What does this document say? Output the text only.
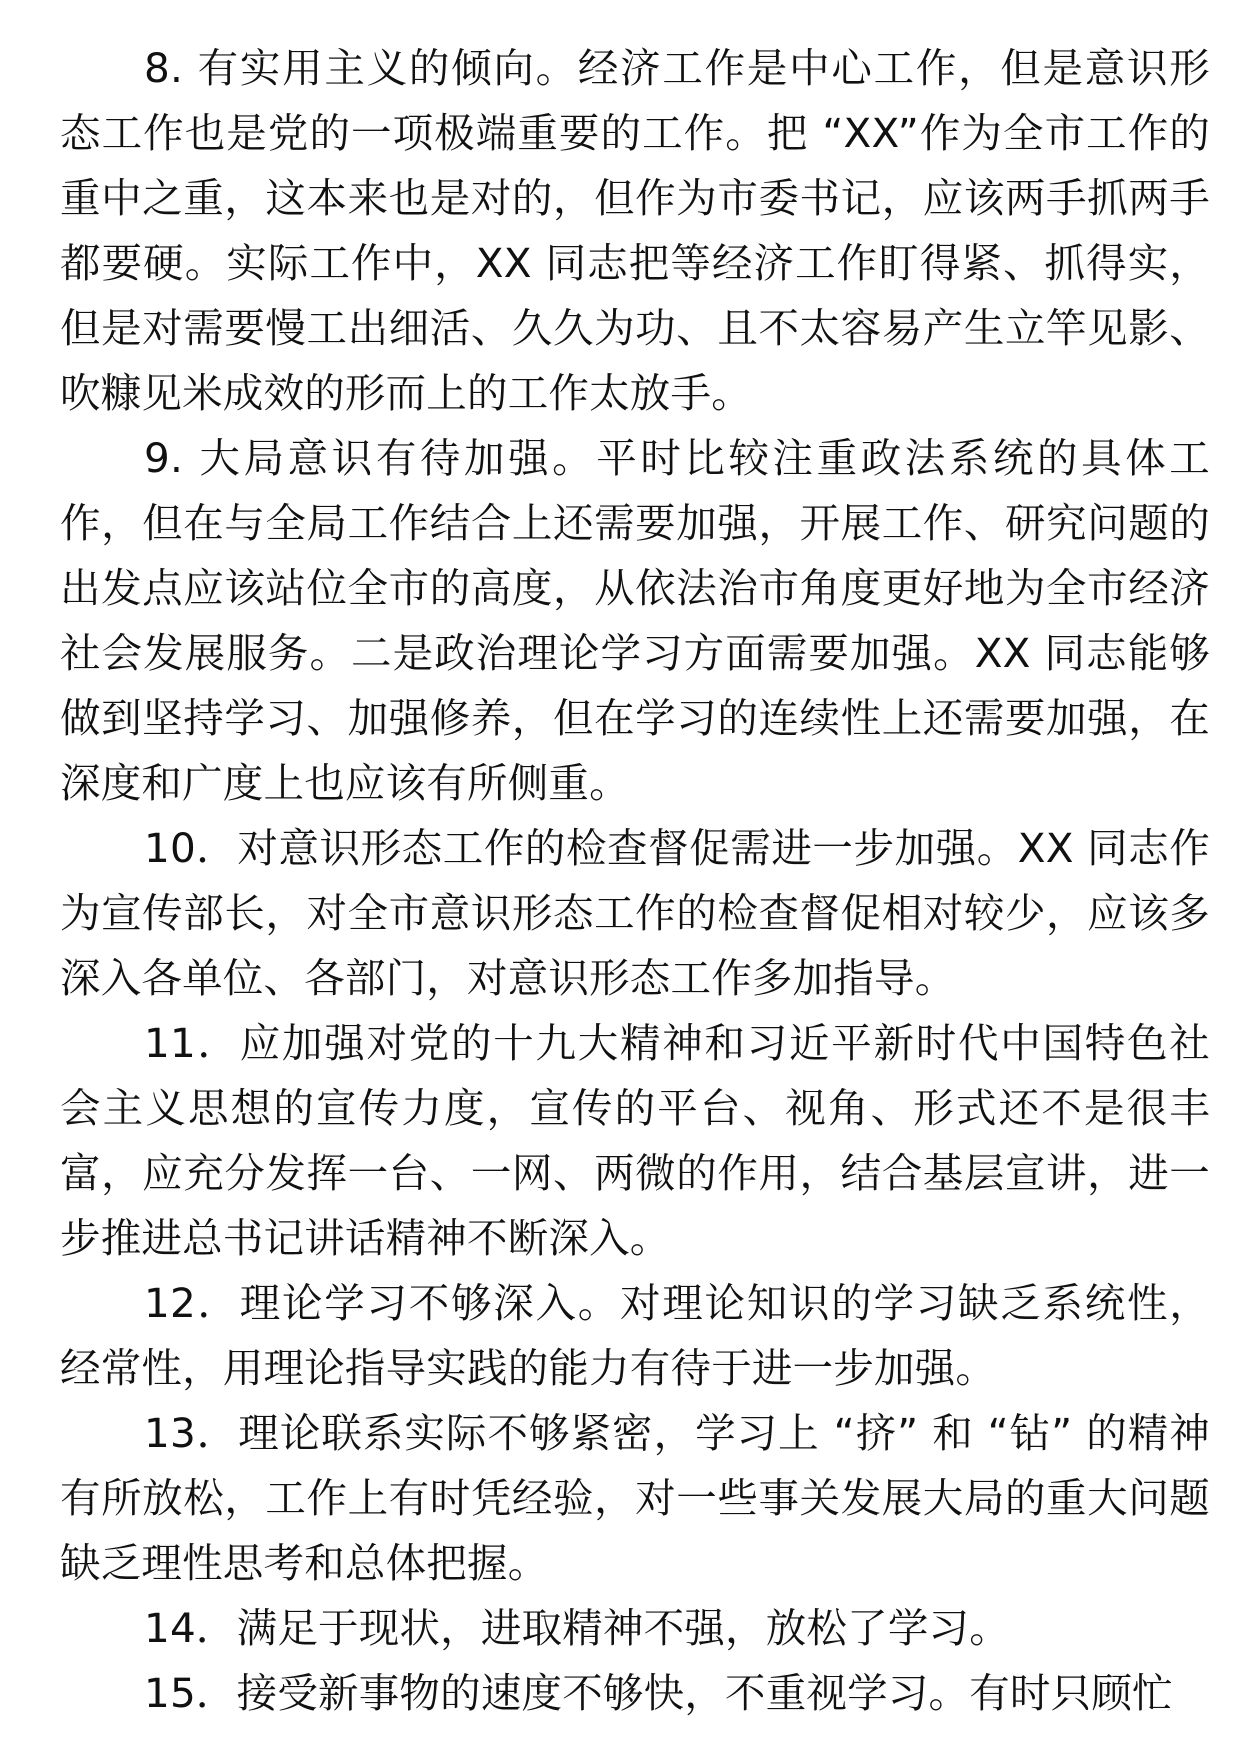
8. 有实用主义的倾向。经济工作是中心工作，但是意识形态工作也是党的一项极端重要的工作。把 “XX”作为全市工作的重中之重，这本来也是对的，但作为市委书记，应该两手抓两手都要硬。实际工作中，XX 同志把等经济工作盯得紧、抓得实，但是对需要慢工出细活、久久为功、且不太容易产生立竿见影、吹糠见米成效的形而上的工作太放手。

9. 大局意识有待加强。平时比较注重政法系统的具体工作，但在与全局工作结合上还需要加强，开展工作、研究问题的出发点应该站位全市的高度，从依法治市角度更好地为全市经济社会发展服务。二是政治理论学习方面需要加强。XX 同志能够做到坚持学习、加强修养，但在学习的连续性上还需要加强，在深度和广度上也应该有所侧重。

10．对意识形态工作的检查督促需进一步加强。XX 同志作为宣传部长，对全市意识形态工作的检查督促相对较少，应该多深入各单位、各部门，对意识形态工作多加指导。

11．应加强对党的十九大精神和习近平新时代中国特色社会主义思想的宣传力度，宣传的平台、视角、形式还不是很丰富，应充分发挥一台、一网、两微的作用，结合基层宣讲，进一步推进总书记讲话精神不断深入。

12．理论学习不够深入。对理论知识的学习缺乏系统性，经常性，用理论指导实践的能力有待于进一步加强。

13．理论联系实际不够紧密，学习上 “挤” 和 “钻” 的精神有所放松，工作上有时凭经验，对一些事关发展大局的重大问题缺乏理性思考和总体把握。

14．满足于现状，进取精神不强，放松了学习。

15．接受新事物的速度不够快，不重视学习。有时只顾忙
